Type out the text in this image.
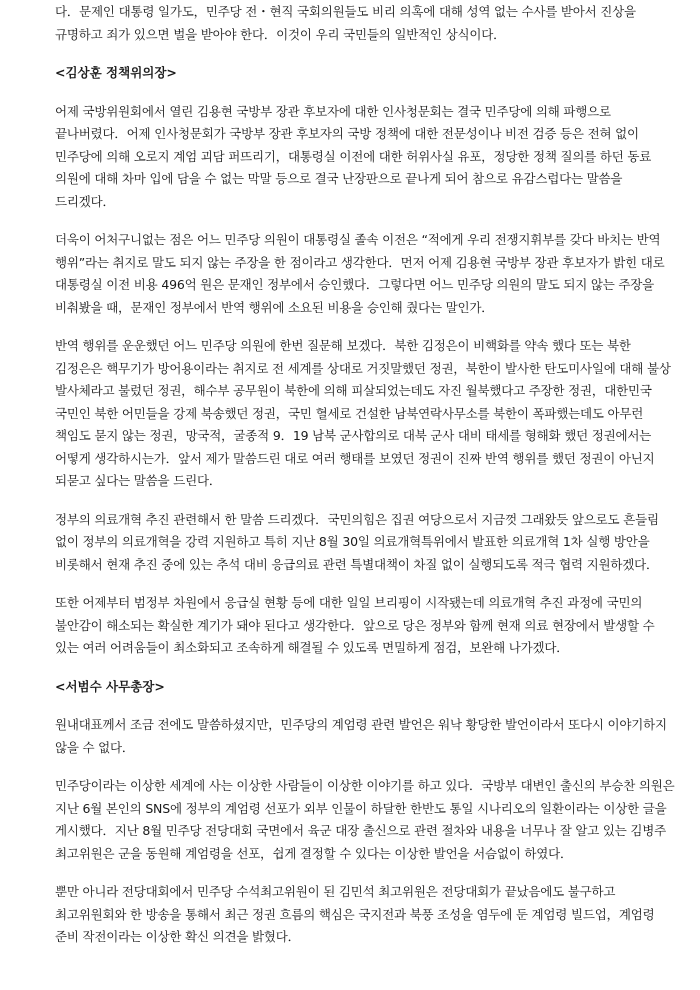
다．문제인 대통령 일가도，민주당 전・현직 국회의원들도 비리 의혹에 대해 성역 없는 수사를 받아서 진상을 규명하고 죄가 있으면 벌을 받아야 한다．이것이 우리 국민들의 일반적인 상식이다．

<김상훈 정책위의장>

어제 국방위원회에서 열린 김용현 국방부 장관 후보자에 대한 인사청문회는 결국 민주당에 의해 파행으로 끝나버렸다．어제 인사청문회가 국방부 장관 후보자의 국방 정책에 대한 전문성이나 비전 검증 등은 전혀 없이 민주당에 의해 오로지 계엄 괴담 퍼뜨리기，대통령실 이전에 대한 허위사실 유포，정당한 정책 질의를 하던 동료 의원에 대해 차마 입에 담을 수 없는 막말 등으로 결국 난장판으로 끝나게 되어 참으로 유감스럽다는 말씀을 드리겠다．

더욱이 어처구니없는 점은 어느 민주당 의원이 대통령실 졸속 이전은 “적에게 우리 전쟁지휘부를 갖다 바치는 반역 행위”라는 취지로 말도 되지 않는 주장을 한 점이라고 생각한다．먼저 어제 김용현 국방부 장관 후보자가 밝힌 대로 대통령실 이전 비용 496억 원은 문재인 정부에서 승인했다．그렇다면 어느 민주당 의원의 말도 되지 않는 주장을 비춰봤을 때，문재인 정부에서 반역 행위에 소요된 비용을 승인해 줬다는 말인가．

반역 행위를 운운했던 어느 민주당 의원에 한번 질문해 보겠다．북한 김정은이 비핵화를 약속 했다 또는 북한 김정은은 핵무기가 방어용이라는 취지로 전 세계를 상대로 거짓말했던 정권，북한이 발사한 탄도미사일에 대해 불상 발사체라고 불렀던 정권，해수부 공무원이 북한에 의해 피살되었는데도 자진 월북했다고 주장한 정권，대한민국 국민인 북한 어민들을 강제 북송했던 정권，국민 혈세로 건설한 남북연락사무소를 북한이 폭파했는데도 아무런 책임도 묻지 않는 정권，망국적，굴종적 9．19 남북 군사합의로 대북 군사 대비 태세를 형해화 했던 정권에서는 어떻게 생각하시는가．앞서 제가 말씀드린 대로 여러 행태를 보였던 정권이 진짜 반역 행위를 했던 정권이 아닌지 되묻고 싶다는 말씀을 드린다．

정부의 의료개혁 추진 관련해서 한 말씀 드리겠다．국민의힘은 집권 여당으로서 지금껏 그래왔듯 앞으로도 흔들림 없이 정부의 의료개혁을 강력 지원하고 특히 지난 8월 30일 의료개혁특위에서 발표한 의료개혁 1차 실행 방안을 비롯해서 현재 추진 중에 있는 추석 대비 응급의료 관련 특별대책이 차질 없이 실행되도록 적극 협력 지원하겠다．

또한 어제부터 범정부 차원에서 응급실 현황 등에 대한 일일 브리핑이 시작됐는데 의료개혁 추진 과정에 국민의 불안감이 해소되는 확실한 계기가 돼야 된다고 생각한다．앞으로 당은 정부와 함께 현재 의료 현장에서 발생할 수 있는 여러 어려움들이 최소화되고 조속하게 해결될 수 있도록 면밀하게 점검，보완해 나가겠다．

<서범수 사무총장>

원내대표께서 조금 전에도 말씀하셨지만，민주당의 계엄령 관련 발언은 워낙 황당한 발언이라서 또다시 이야기하지 않을 수 없다．

민주당이라는 이상한 세계에 사는 이상한 사람들이 이상한 이야기를 하고 있다．국방부 대변인 출신의 부승찬 의원은 지난 6월 본인의 SNS에 정부의 계엄령 선포가 외부 인물이 하달한 한반도 통일 시나리오의 일환이라는 이상한 글을 게시했다．지난 8월 민주당 전당대회 국면에서 육군 대장 출신으로 관련 절차와 내용을 너무나 잘 알고 있는 김병주 최고위원은 군을 동원해 계엄령을 선포，쉽게 결정할 수 있다는 이상한 발언을 서슴없이 하였다．

뿐만 아니라 전당대회에서 민주당 수석최고위원이 된 김민석 최고위원은 전당대회가 끝났음에도 불구하고 최고위원회와 한 방송을 통해서 최근 정권 흐름의 핵심은 국지전과 북풍 조성을 염두에 둔 계엄령 빌드업，계엄령 준비 작전이라는 이상한 확신 의견을 밝혔다．
